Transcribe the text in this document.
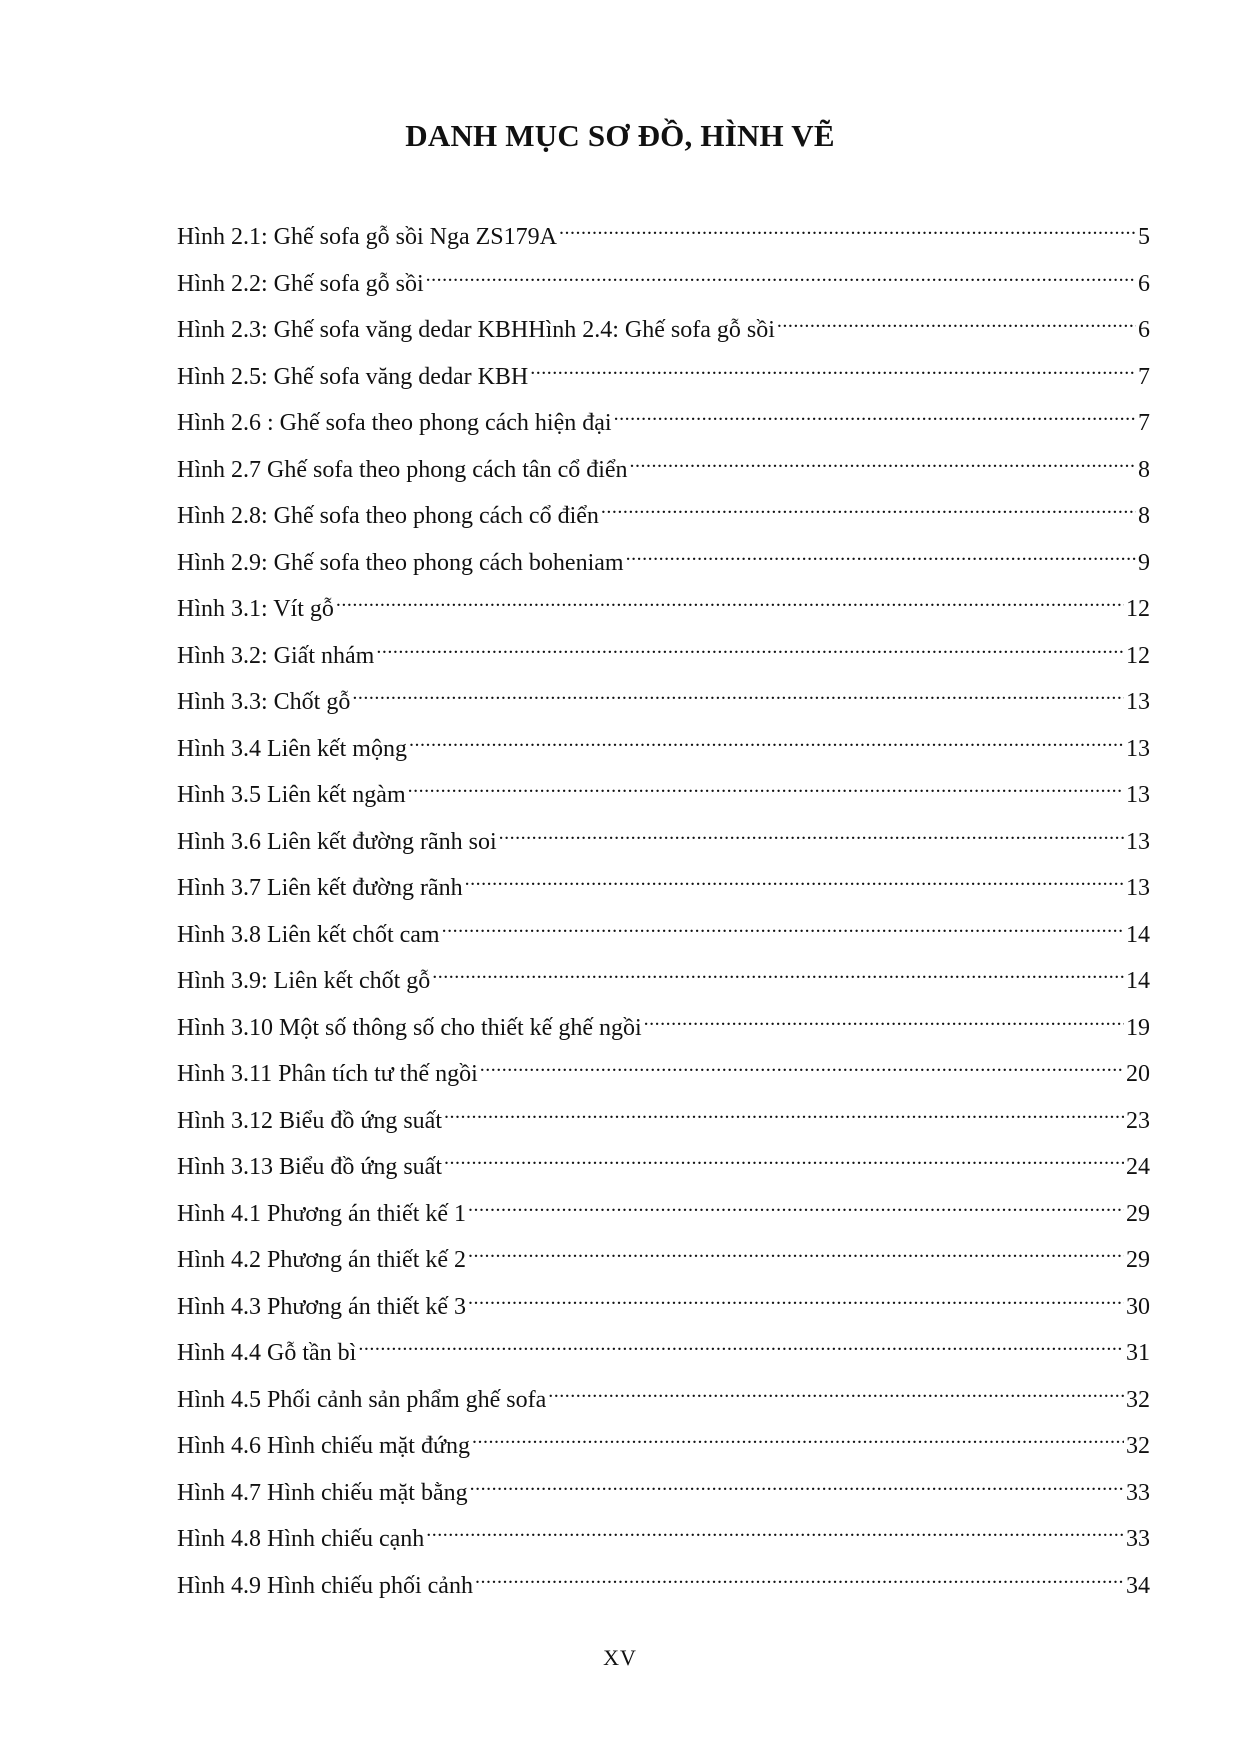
DANH MỤC SƠ ĐỒ, HÌNH VẼ
Hình 2.1: Ghế sofa gỗ sồi Nga ZS179A .....	5
Hình 2.2: Ghế sofa gỗ sồi .....	6
Hình 2.3: Ghế sofa văng dedar KBHHình 2.4: Ghế sofa gỗ sồi .....	6
Hình 2.5: Ghế sofa văng dedar KBH .....	7
Hình 2.6 : Ghế sofa theo phong cách hiện đại .....	7
Hình 2.7 Ghế sofa theo phong cách tân cổ điển .....	8
Hình 2.8: Ghế sofa theo phong cách cổ điển .....	8
Hình 2.9: Ghế sofa theo phong cách boheniam .....	9
Hình 3.1: Vít gỗ .....	12
Hình 3.2: Giất nhám .....	12
Hình 3.3: Chốt gỗ .....	13
Hình 3.4 Liên kết mộng .....	13
Hình 3.5 Liên kết ngàm .....	13
Hình 3.6 Liên kết đường rãnh soi .....	13
Hình 3.7 Liên kết đường rãnh .....	13
Hình 3.8 Liên kết chốt cam .....	14
Hình 3.9: Liên kết chốt gỗ .....	14
Hình 3.10 Một số thông số cho thiết kế ghế ngồi .....	19
Hình 3.11 Phân tích tư thế ngồi .....	20
Hình 3.12 Biểu đồ ứng suất .....	23
Hình 3.13 Biểu đồ ứng suất .....	24
Hình 4.1 Phương án thiết kế 1 .....	29
Hình 4.2 Phương án thiết kế 2 .....	29
Hình 4.3 Phương án thiết kế 3 .....	30
Hình 4.4 Gỗ tần bì .....	31
Hình 4.5 Phối cảnh sản phẩm ghế sofa .....	32
Hình 4.6 Hình chiếu mặt đứng .....	32
Hình 4.7 Hình chiếu mặt bằng .....	33
Hình 4.8 Hình chiếu cạnh .....	33
Hình 4.9 Hình chiếu phối cảnh .....	34
XV
